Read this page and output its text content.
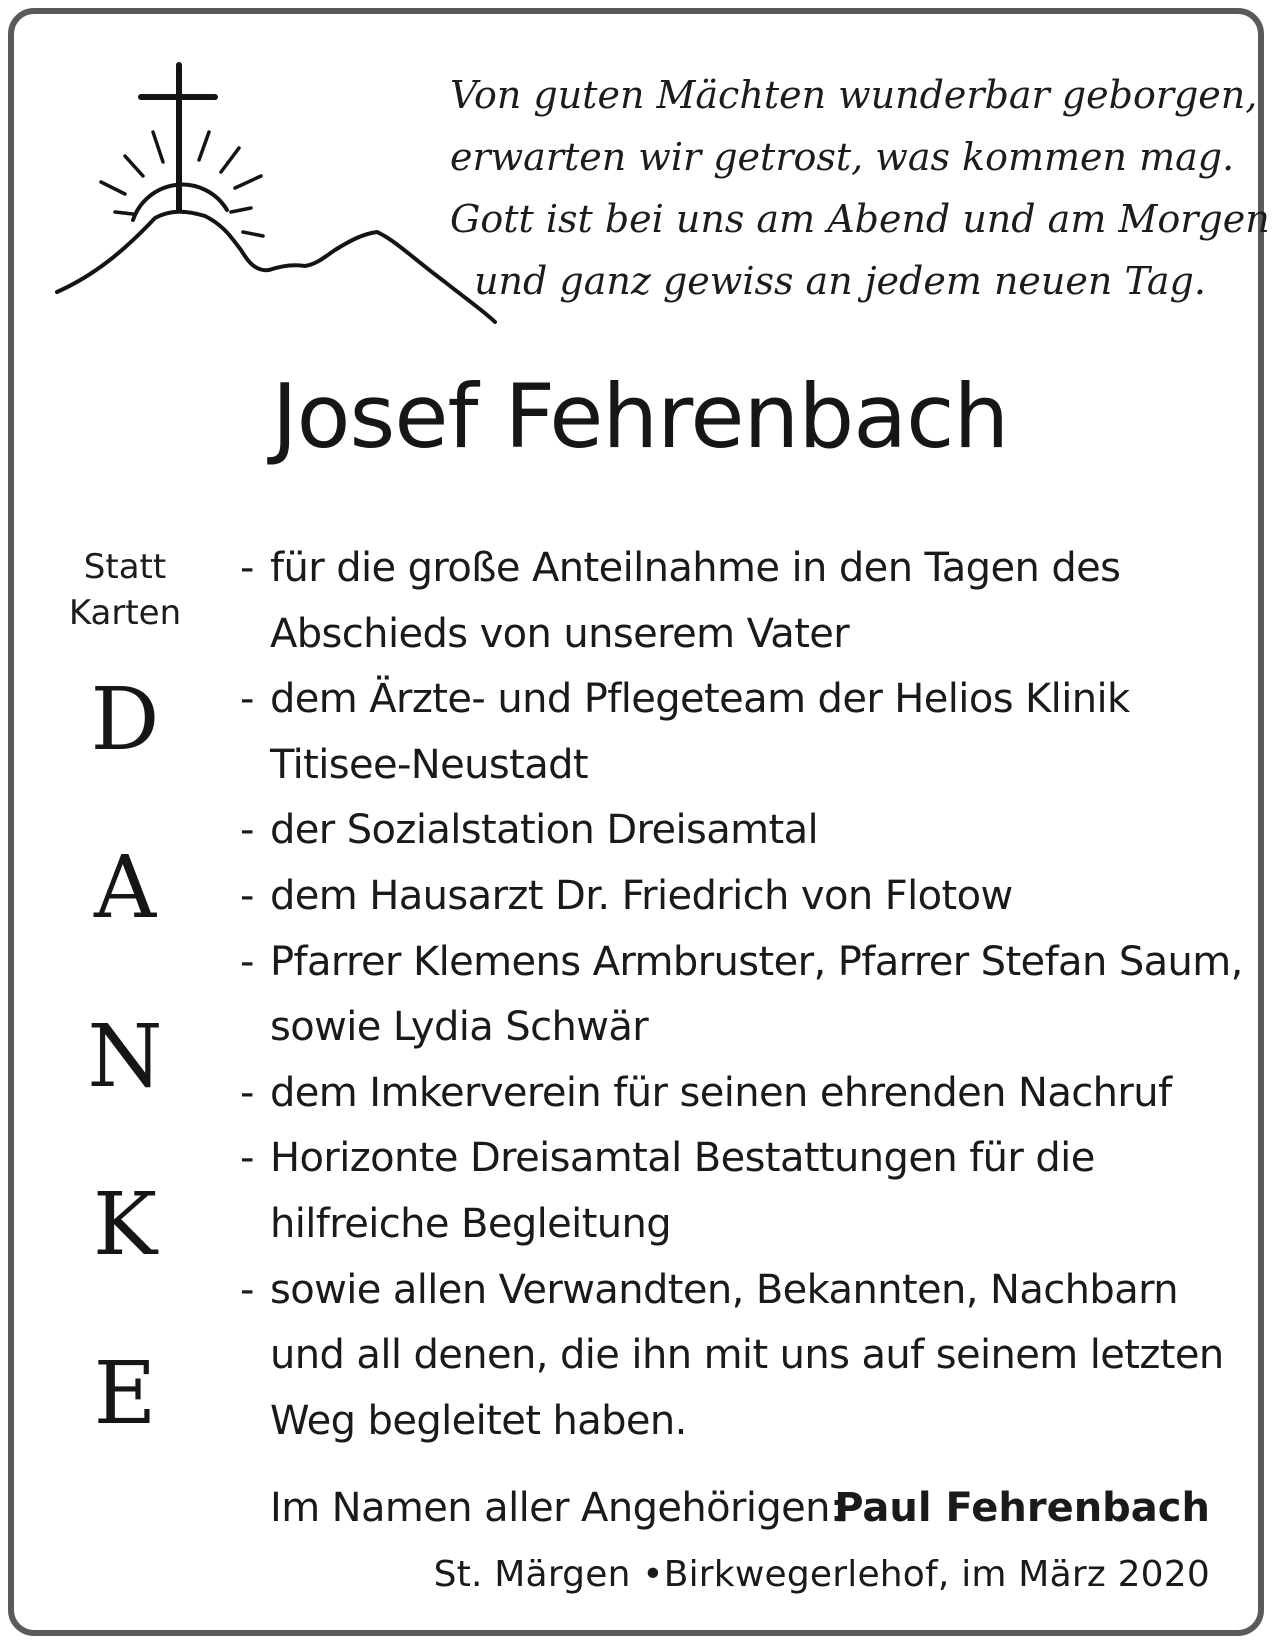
Von guten Mächten wunderbar geborgen,
erwarten wir getrost, was kommen mag.
Gott ist bei uns am Abend und am Morgen
und ganz gewiss an jedem neuen Tag.
Josef Fehrenbach
Statt
Karten
D
A
N
K
E
- für die große Anteilnahme in den Tagen des
Abschieds von unserem Vater
- dem Ärzte- und Pflegeteam der Helios Klinik
Titisee-Neustadt
- der Sozialstation Dreisamtal
- dem Hausarzt Dr. Friedrich von Flotow
- Pfarrer Klemens Armbruster, Pfarrer Stefan Saum,
sowie Lydia Schwär
- dem Imkerverein für seinen ehrenden Nachruf
- Horizonte Dreisamtal Bestattungen für die
hilfreiche Begleitung
- sowie allen Verwandten, Bekannten, Nachbarn
und all denen, die ihn mit uns auf seinem letzten
Weg begleitet haben.
Im Namen aller Angehörigen:
Paul Fehrenbach
St. Märgen •Birkwegerlehof, im März 2020
